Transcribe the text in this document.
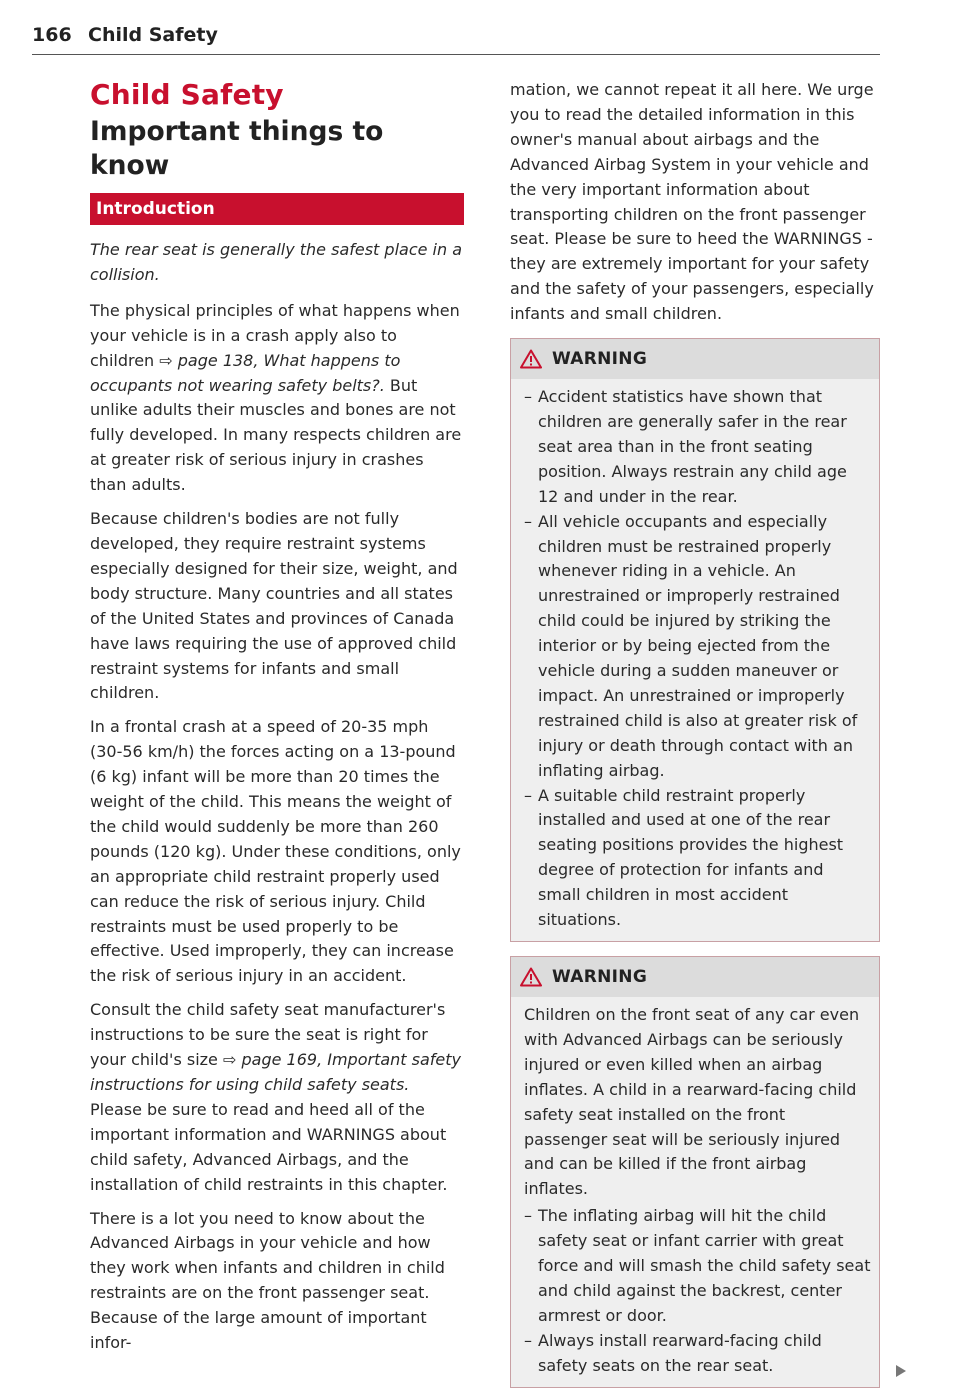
166 Child Safety
Child Safety
Important things to know
Introduction

The rear seat is generally the safest place in a collision.

The physical principles of what happens when your vehicle is in a crash apply also to children ⇨ page 138, What happens to occupants not wearing safety belts?. But unlike adults their muscles and bones are not fully developed. In many respects children are at greater risk of serious injury in crashes than adults.

Because children's bodies are not fully developed, they require restraint systems especially designed for their size, weight, and body structure. Many countries and all states of the United States and provinces of Canada have laws requiring the use of approved child restraint systems for infants and small children.

In a frontal crash at a speed of 20-35 mph (30-56 km/h) the forces acting on a 13-pound (6 kg) infant will be more than 20 times the weight of the child. This means the weight of the child would suddenly be more than 260 pounds (120 kg). Under these conditions, only an appropriate child restraint properly used can reduce the risk of serious injury. Child restraints must be used properly to be effective. Used improperly, they can increase the risk of serious injury in an accident.

Consult the child safety seat manufacturer's instructions to be sure the seat is right for your child's size ⇨ page 169, Important safety instructions for using child safety seats. Please be sure to read and heed all of the important information and WARNINGS about child safety, Advanced Airbags, and the installation of child restraints in this chapter.

There is a lot you need to know about the Advanced Airbags in your vehicle and how they work when infants and children in child restraints are on the front passenger seat. Because of the large amount of important infor-

mation, we cannot repeat it all here. We urge you to read the detailed information in this owner's manual about airbags and the Advanced Airbag System in your vehicle and the very important information about transporting children on the front passenger seat. Please be sure to heed the WARNINGS - they are extremely important for your safety and the safety of your passengers, especially infants and small children.

WARNING
– Accident statistics have shown that children are generally safer in the rear seat area than in the front seating position. Always restrain any child age 12 and under in the rear.
– All vehicle occupants and especially children must be restrained properly whenever riding in a vehicle. An unrestrained or improperly restrained child could be injured by striking the interior or by being ejected from the vehicle during a sudden maneuver or impact. An unrestrained or improperly restrained child is also at greater risk of injury or death through contact with an inflating airbag.
– A suitable child restraint properly installed and used at one of the rear seating positions provides the highest degree of protection for infants and small children in most accident situations.
WARNING

Children on the front seat of any car even with Advanced Airbags can be seriously injured or even killed when an airbag inflates. A child in a rearward-facing child safety seat installed on the front passenger seat will be seriously injured and can be killed if the front airbag inflates.

– The inflating airbag will hit the child safety seat or infant carrier with great force and will smash the child safety seat and child against the backrest, center armrest or door.
– Always install rearward-facing child safety seats on the rear seat.
